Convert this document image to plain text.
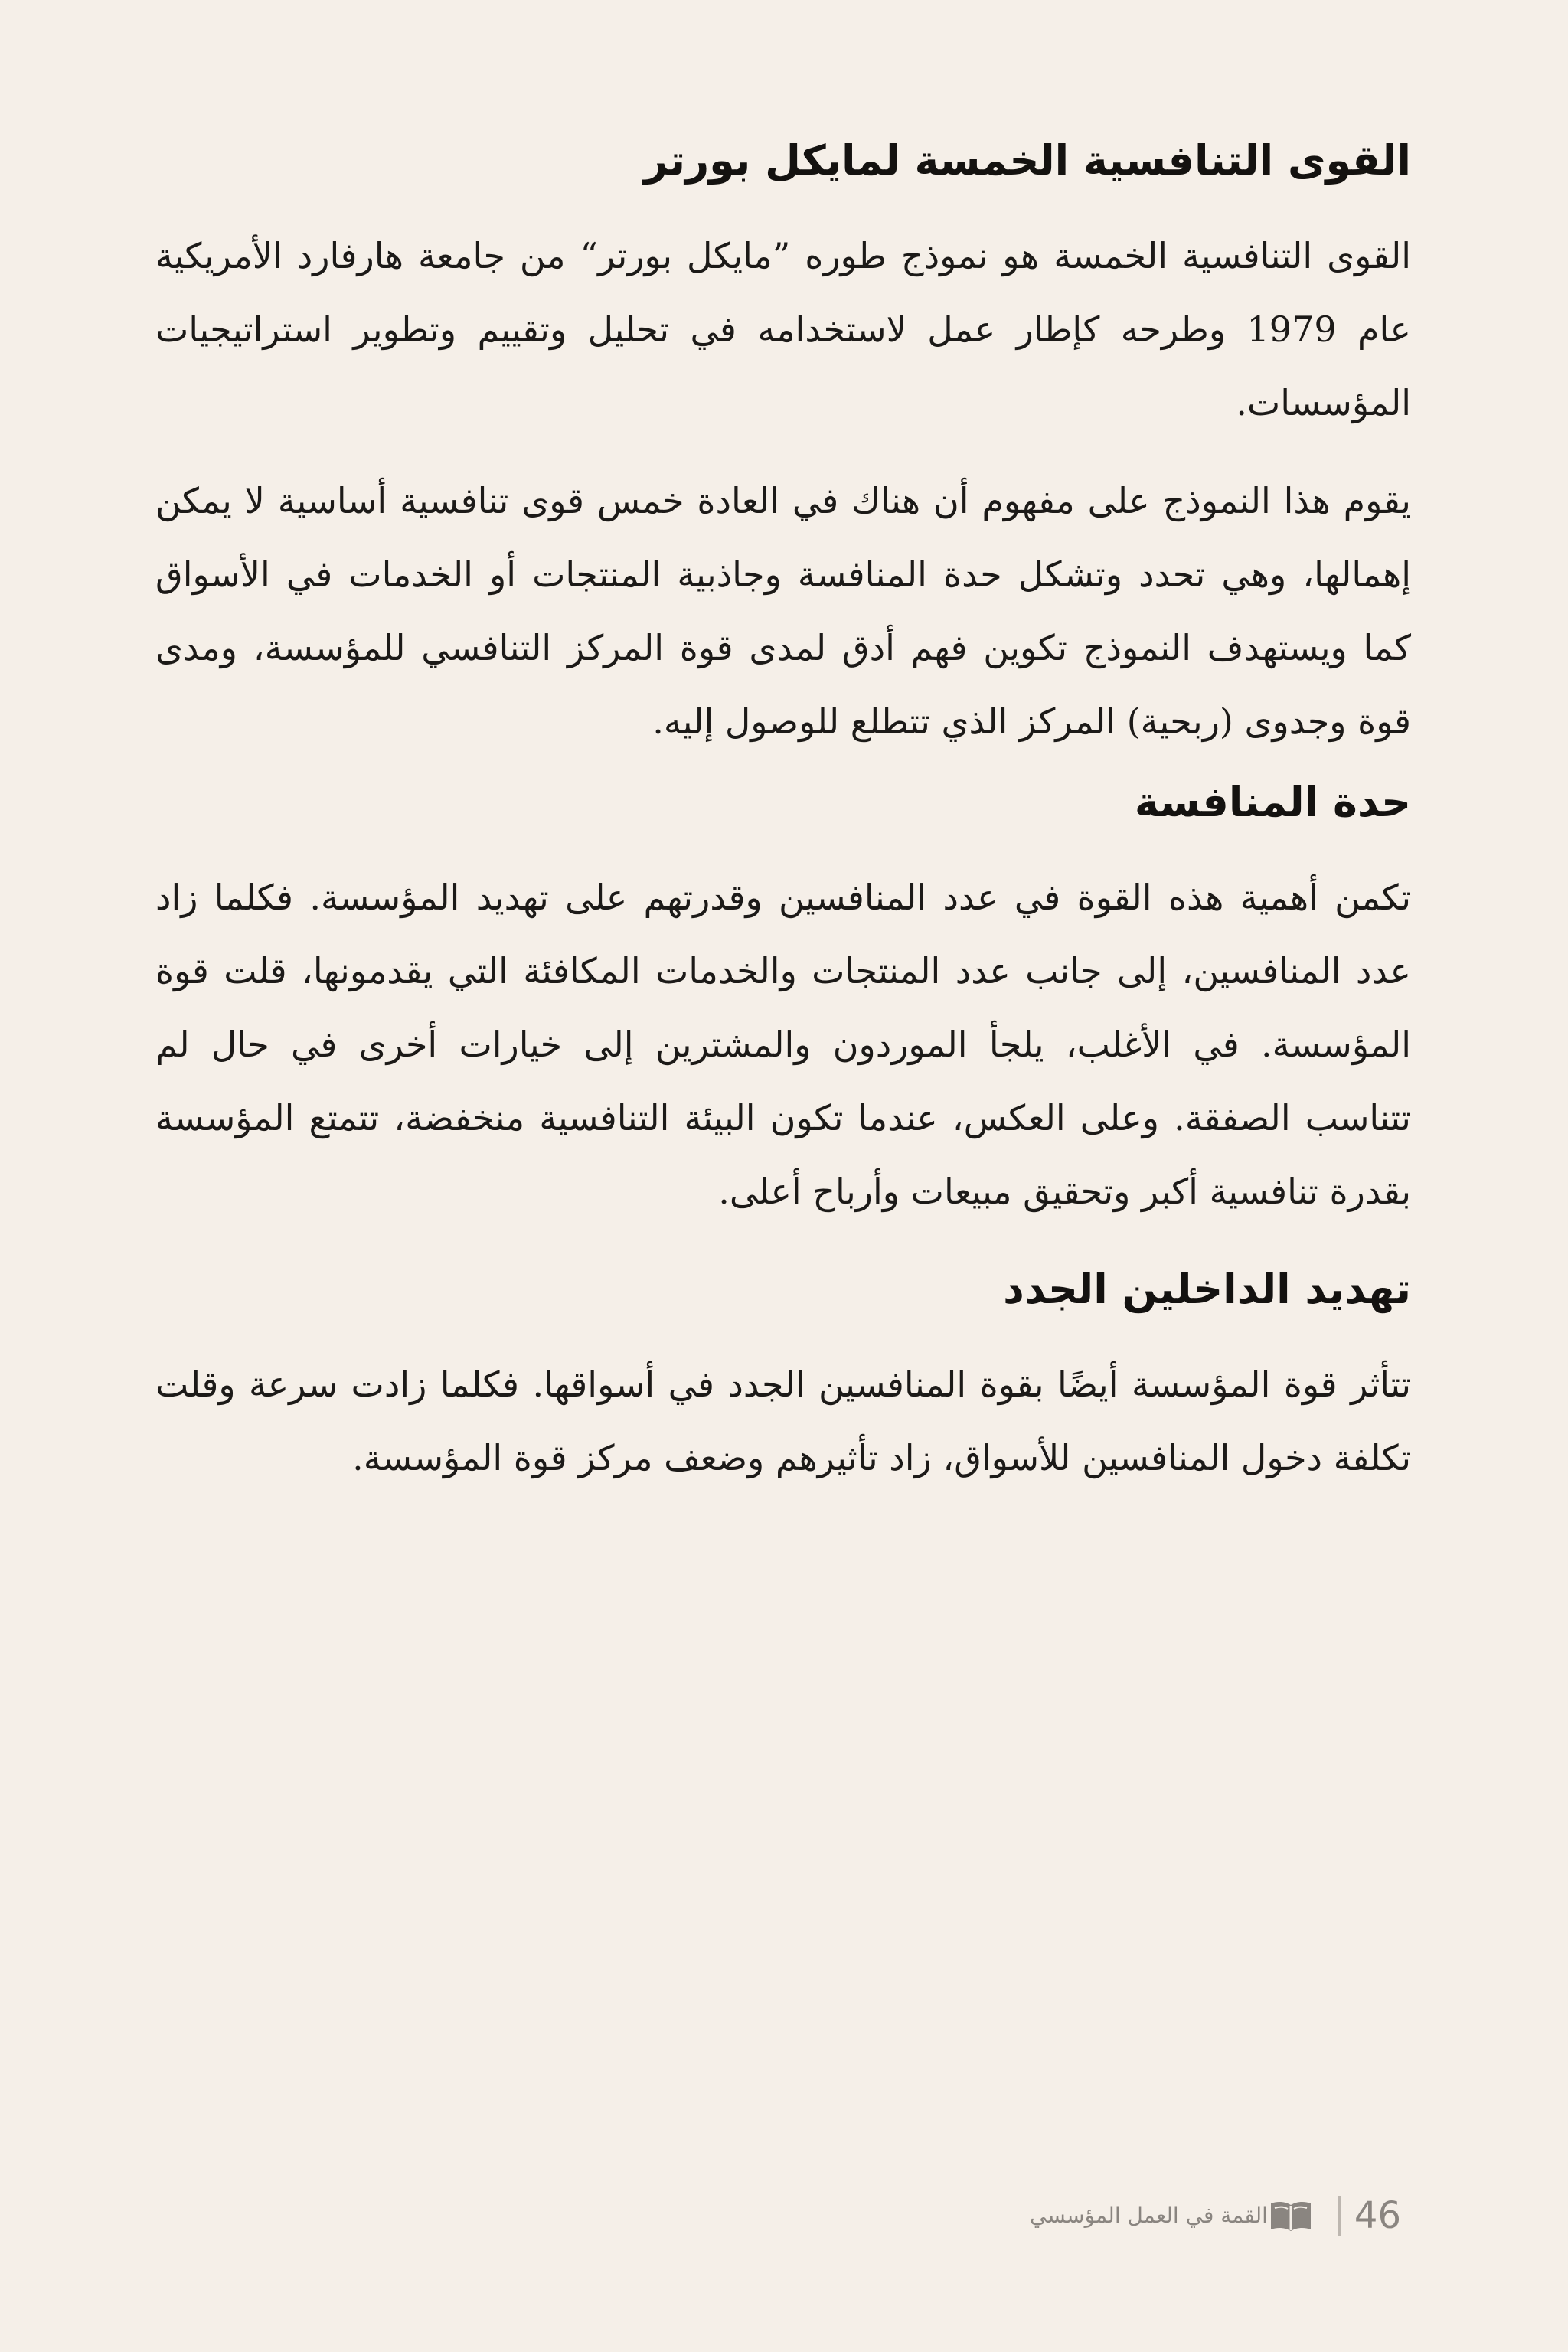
القوى التنافسية الخمسة لمايكل بورتر

القوى التنافسية الخمسة هو نموذج طوره ”مايكل بورتر“ من جامعة هارفارد الأمريكية عام 1979 وطرحه كإطار عمل لاستخدامه في تحليل وتقييم وتطوير استراتيجيات المؤسسات.

يقوم هذا النموذج على مفهوم أن هناك في العادة خمس قوى تنافسية أساسية لا يمكن إهمالها، وهي تحدد وتشكل حدة المنافسة وجاذبية المنتجات أو الخدمات في الأسواق كما ويستهدف النموذج تكوين فهم أدق لمدى قوة المركز التنافسي للمؤسسة، ومدى قوة وجدوى (ربحية) المركز الذي تتطلع للوصول إليه.

حدة المنافسة

تكمن أهمية هذه القوة في عدد المنافسين وقدرتهم على تهديد المؤسسة. فكلما زاد عدد المنافسين، إلى جانب عدد المنتجات والخدمات المكافئة التي يقدمونها، قلت قوة المؤسسة. في الأغلب، يلجأ الموردون والمشترين إلى خيارات أخرى في حال لم تتناسب الصفقة. وعلى العكس، عندما تكون البيئة التنافسية منخفضة، تتمتع المؤسسة بقدرة تنافسية أكبر وتحقيق مبيعات وأرباح أعلى.

تهديد الداخلين الجدد

تتأثر قوة المؤسسة أيضًا بقوة المنافسين الجدد في أسواقها. فكلما زادت سرعة وقلت تكلفة دخول المنافسين للأسواق، زاد تأثيرهم وضعف مركز قوة المؤسسة.

46
القمة في العمل المؤسسي
